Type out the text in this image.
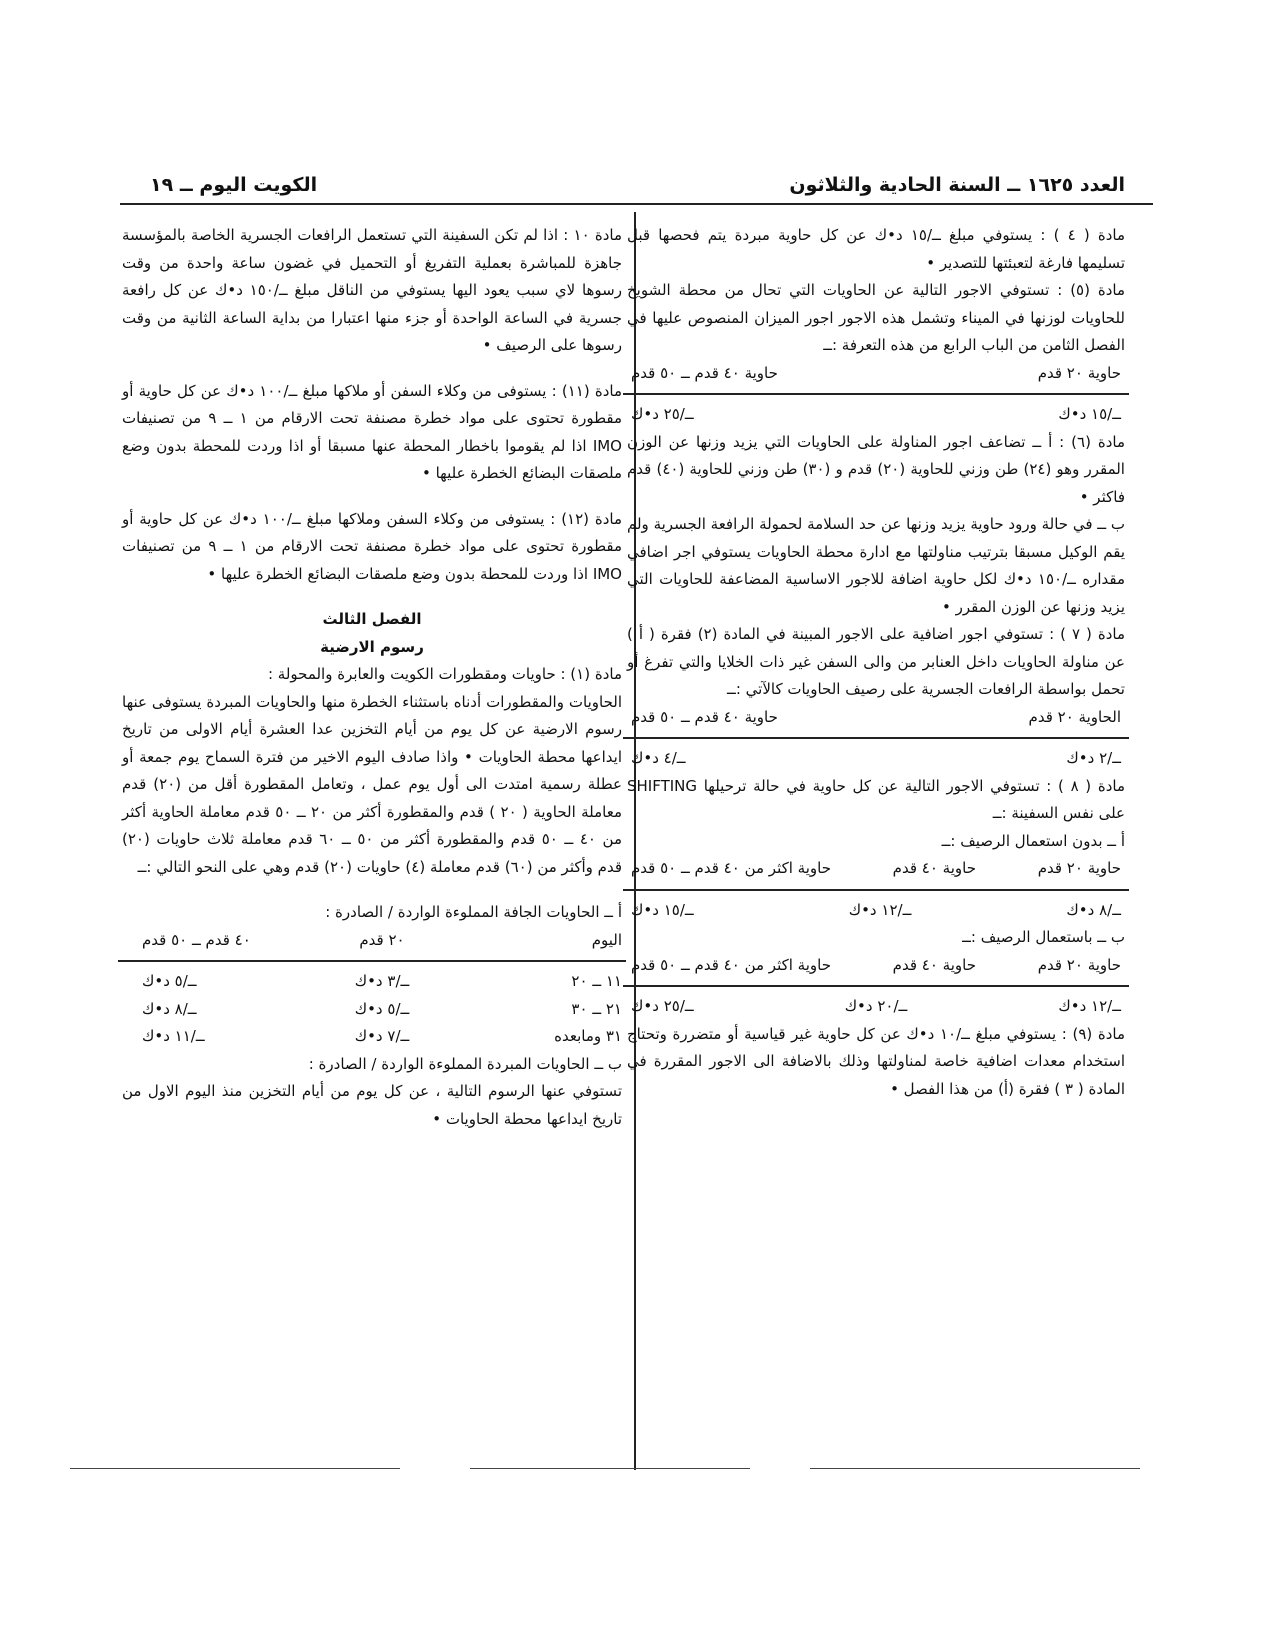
العدد ١٦٢٥ ــ السنة الحادية والثلاثون
الكويت اليوم ــ ١٩

مادة ( ٤ ) : يستوفي مبلغ ــ/١٥ د•ك عن كل حاوية مبردة يتم فحصها قبل تسليمها فارغة لتعبئتها للتصدير •

مادة (٥) : تستوفي الاجور التالية عن الحاويات التي تحال من محطة الشويخ للحاويات لوزنها في الميناء وتشمل هذه الاجور اجور الميزان المنصوص عليها في الفصل الثامن من الباب الرابع من هذه التعرفة :ــ

حاوية ٢٠ قدم
حاوية ٤٠ قدم ــ ٥٠ قدم
ــ/١٥ د•ك
ــ/٢٥ د•ك

مادة (٦) : أ ــ تضاعف اجور المناولة على الحاويات التي يزيد وزنها عن الوزن المقرر وهو (٢٤) طن وزني للحاوية (٢٠) قدم و (٣٠) طن وزني للحاوية (٤٠) قدم فاكثر •

ب ــ في حالة ورود حاوية يزيد وزنها عن حد السلامة لحمولة الرافعة الجسرية ولم يقم الوكيل مسبقا بترتيب مناولتها مع ادارة محطة الحاويات يستوفي اجر اضافي مقداره ــ/١٥٠ د•ك لكل حاوية اضافة للاجور الاساسية المضاعفة للحاويات التي يزيد وزنها عن الوزن المقرر •

مادة ( ٧ ) : تستوفي اجور اضافية على الاجور المبينة في المادة (٢) فقرة ( أ ) عن مناولة الحاويات داخل العنابر من والى السفن غير ذات الخلايا والتي تفرغ أو تحمل بواسطة الرافعات الجسرية على رصيف الحاويات كالآتي :ــ

الحاوية ٢٠ قدم
حاوية ٤٠ قدم ــ ٥٠ قدم
ــ/٢ د•ك
ــ/٤ د•ك

مادة ( ٨ ) : تستوفي الاجور التالية عن كل حاوية في حالة ترحيلها SHIFTING على نفس السفينة :ــ

أ ــ بدون استعمال الرصيف :ــ

حاوية ٢٠ قدم
حاوية ٤٠ قدم
حاوية اكثر من ٤٠ قدم ــ ٥٠ قدم
ــ/٨ د•ك
ــ/١٢ د•ك
ــ/١٥ د•ك

ب ــ باستعمال الرصيف :ــ

حاوية ٢٠ قدم
حاوية ٤٠ قدم
حاوية اكثر من ٤٠ قدم ــ ٥٠ قدم
ــ/١٢ د•ك
ــ/٢٠ د•ك
ــ/٢٥ د•ك

مادة (٩) : يستوفي مبلغ ــ/١٠ د•ك عن كل حاوية غير قياسية أو متضررة وتحتاج استخدام معدات اضافية خاصة لمناولتها وذلك بالاضافة الى الاجور المقررة في المادة ( ٣ ) فقرة (أ) من هذا الفصل •

مادة ١٠ : اذا لم تكن السفينة التي تستعمل الرافعات الجسرية الخاصة بالمؤسسة جاهزة للمباشرة بعملية التفريغ أو التحميل في غضون ساعة واحدة من وقت رسوها لاي سبب يعود اليها يستوفي من الناقل مبلغ ــ/١٥٠ د•ك عن كل رافعة جسرية في الساعة الواحدة أو جزء منها اعتبارا من بداية الساعة الثانية من وقت رسوها على الرصيف •

مادة (١١) : يستوفى من وكلاء السفن أو ملاكها مبلغ ــ/١٠٠ د•ك عن كل حاوية أو مقطورة تحتوى على مواد خطرة مصنفة تحت الارقام من ١ ــ ٩ من تصنيفات IMO اذا لم يقوموا باخطار المحطة عنها مسبقا أو اذا وردت للمحطة بدون وضع ملصقات البضائع الخطرة عليها •

مادة (١٢) : يستوفى من وكلاء السفن وملاكها مبلغ ــ/١٠٠ د•ك عن كل حاوية أو مقطورة تحتوى على مواد خطرة مصنفة تحت الارقام من ١ ــ ٩ من تصنيفات IMO اذا وردت للمحطة بدون وضع ملصقات البضائع الخطرة عليها •

الفصل الثالث
رسوم الارضية

مادة (١) : حاويات ومقطورات الكويت والعابرة والمحولة :

الحاويات والمقطورات أدناه باستثناء الخطرة منها والحاويات المبردة يستوفى عنها رسوم الارضية عن كل يوم من أيام التخزين عدا العشرة أيام الاولى من تاريخ ايداعها محطة الحاويات • واذا صادف اليوم الاخير من فترة السماح يوم جمعة أو عطلة رسمية امتدت الى أول يوم عمل ، وتعامل المقطورة أقل من (٢٠) قدم معاملة الحاوية ( ٢٠ ) قدم والمقطورة أكثر من ٢٠ ــ ٥٠ قدم معاملة الحاوية أكثر من ٤٠ ــ ٥٠ قدم والمقطورة أكثر من ٥٠ ــ ٦٠ قدم معاملة ثلاث حاويات (٢٠) قدم وأكثر من (٦٠) قدم معاملة (٤) حاويات (٢٠) قدم وهي على النحو التالي :ــ

أ ــ الحاويات الجافة المملوءة الواردة / الصادرة :

اليوم
٢٠ قدم
٤٠ قدم ــ ٥٠ قدم
١١ ــ ٢٠
ــ/٣ د•ك
ــ/٥ د•ك
٢١ ــ ٣٠
ــ/٥ د•ك
ــ/٨ د•ك
٣١ ومابعده
ــ/٧ د•ك
ــ/١١ د•ك

ب ــ الحاويات المبردة المملوءة الواردة / الصادرة :

تستوفي عنها الرسوم التالية ، عن كل يوم من أيام التخزين منذ اليوم الاول من تاريخ ايداعها محطة الحاويات •
